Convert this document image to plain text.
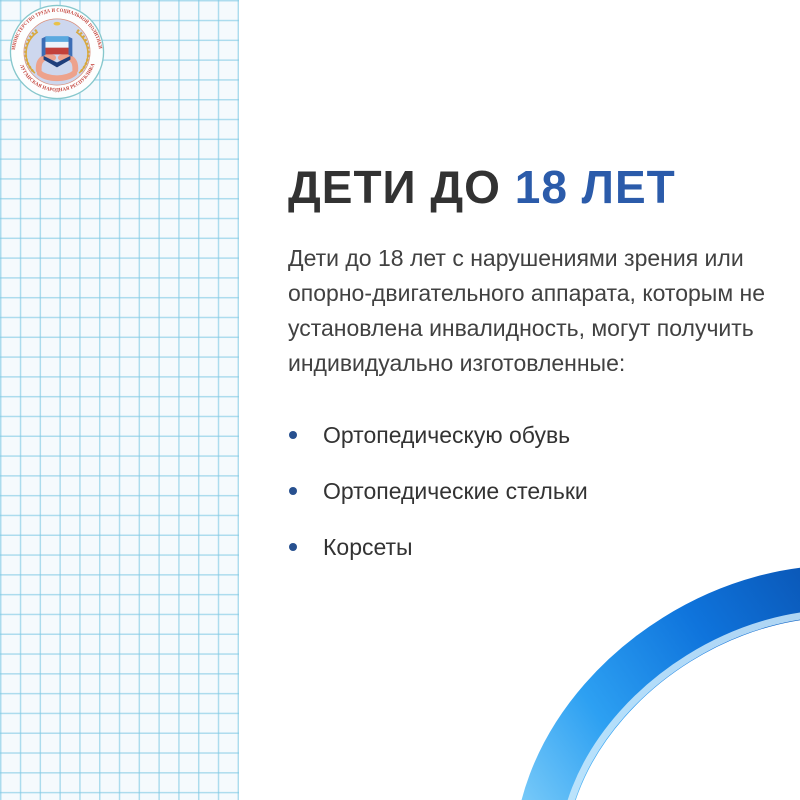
МИНИСТЕРСТВО ТРУДА И СОЦИАЛЬНОЙ ПОЛИТИКИ
ЛУГАНСКАЯ НАРОДНАЯ РЕСПУБЛИКА
ДЕТИ ДО 18 ЛЕТ

Дети до 18 лет с нарушениями зрения или опорно-двигательного аппарата, которым не установлена инвалидность, могут получить индивидуально изготовленные:

Ортопедическую обувь
Ортопедические стельки
Корсеты
